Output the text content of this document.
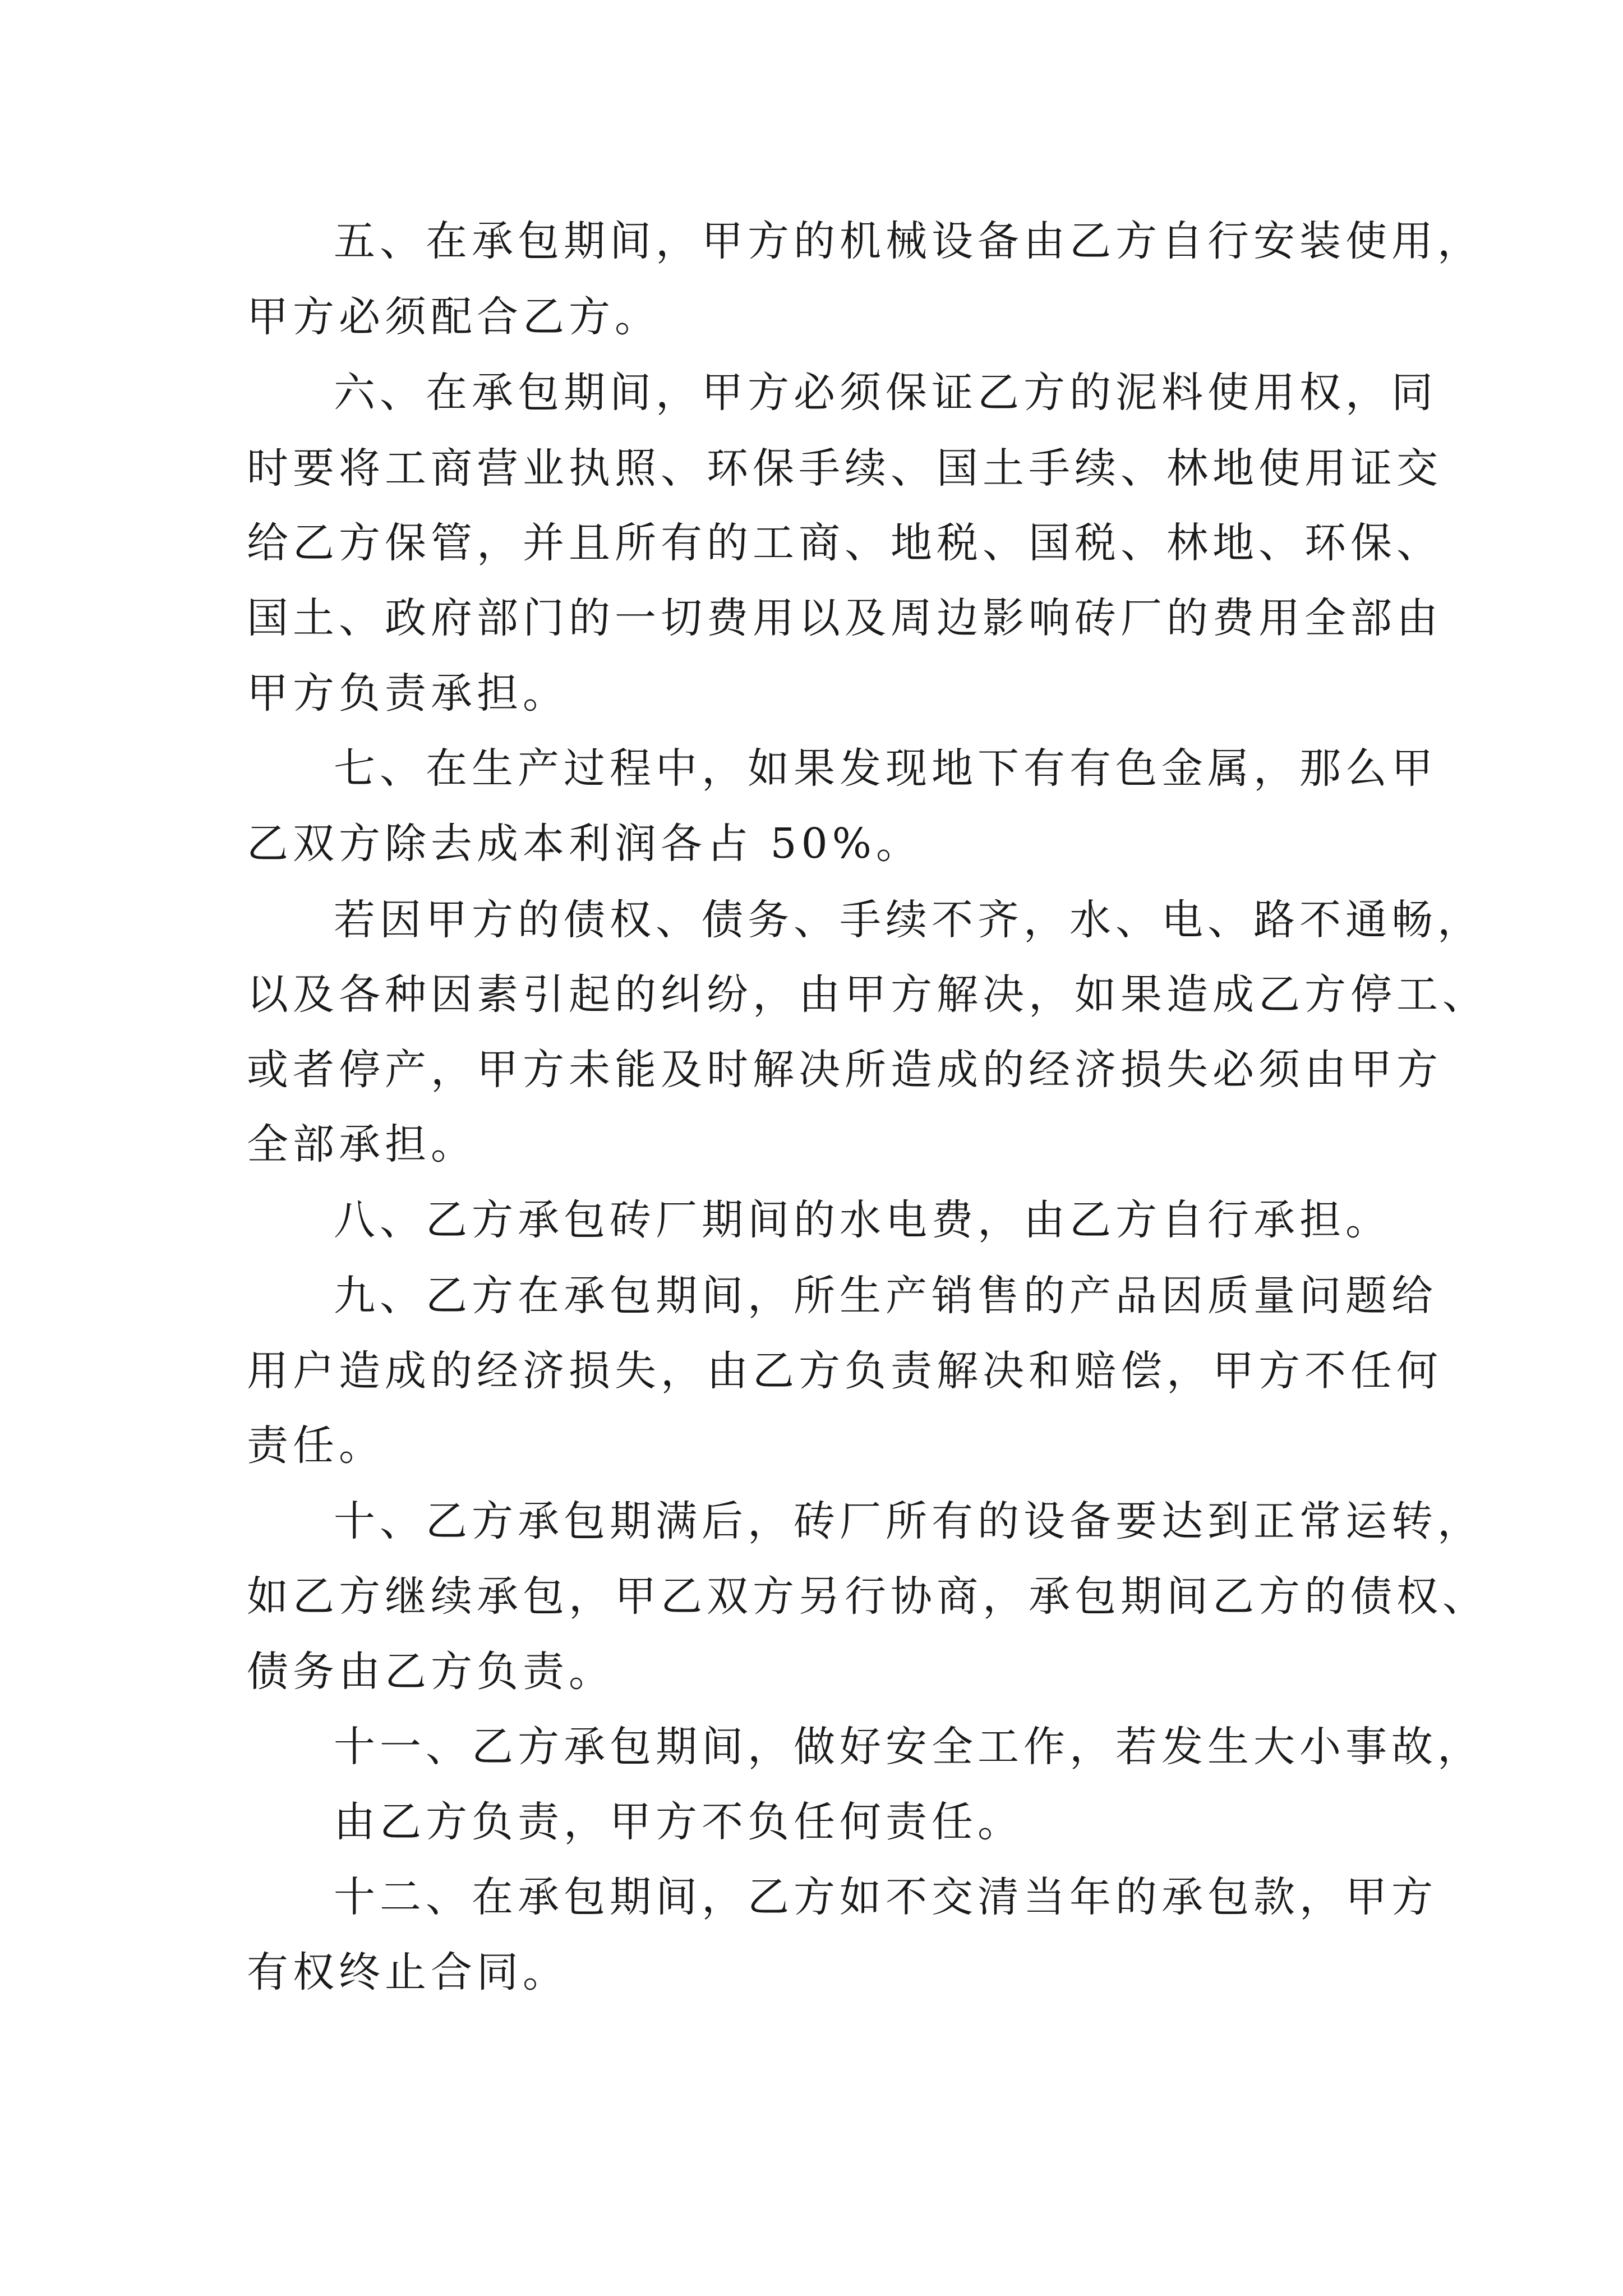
五、在承包期间，甲方的机械设备由乙方自行安装使用，
甲方必须配合乙方。
六、在承包期间，甲方必须保证乙方的泥料使用权，同
时要将工商营业执照、环保手续、国土手续、林地使用证交
给乙方保管，并且所有的工商、地税、国税、林地、环保、
国土、政府部门的一切费用以及周边影响砖厂的费用全部由
甲方负责承担。
七、在生产过程中，如果发现地下有有色金属，那么甲
乙双方除去成本利润各占 50%。
若因甲方的债权、债务、手续不齐，水、电、路不通畅，
以及各种因素引起的纠纷，由甲方解决，如果造成乙方停工、
或者停产，甲方未能及时解决所造成的经济损失必须由甲方
全部承担。
八、乙方承包砖厂期间的水电费，由乙方自行承担。
九、乙方在承包期间，所生产销售的产品因质量问题给
用户造成的经济损失，由乙方负责解决和赔偿，甲方不任何
责任。
十、乙方承包期满后，砖厂所有的设备要达到正常运转，
如乙方继续承包，甲乙双方另行协商，承包期间乙方的债权、
债务由乙方负责。
十一、乙方承包期间，做好安全工作，若发生大小事故，
由乙方负责，甲方不负任何责任。
十二、在承包期间，乙方如不交清当年的承包款，甲方
有权终止合同。
